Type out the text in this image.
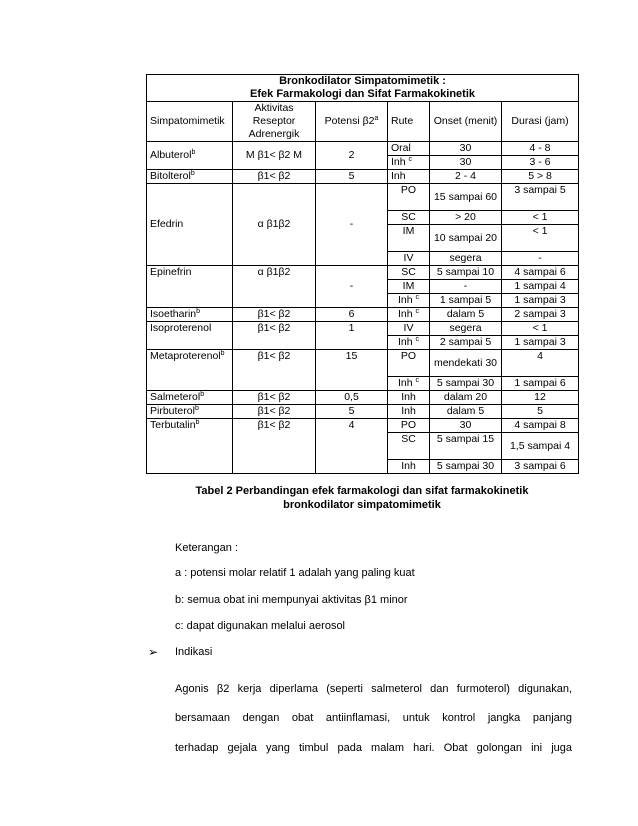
Bronkodilator Simpatomimetik :
Efek Farmakologi dan Sifat Farmakokinetik					

Simpatomimetik	Aktivitas Reseptor Adrenergik	Potensi β2$^a$	Rute	Onset (menit)	Durasi (jam)
Albuterol$^b$	M β1< β2 M	2	Oral	30	4 - 8
			Inh $^c$	30	3 - 6
Bitolterol$^b$	β1< β2	5	Inh	2 - 4	5 > 8
Efedrin	α β1β2	-	PO	15 sampai 60	3 sampai 5
			SC	> 20	< 1
			IM	10 sampai 20	< 1
			IV	segera	-
Epinefrin	α β1β2	-	SC	5 sampai 10	4 sampai 6
			IM	-	1 sampai 4
			Inh $^c$	1 sampai 5	1 sampai 3
Isoetharin$^b$	β1< β2	6	Inh $^c$	dalam 5	2 sampai 3
Isoproterenol	β1< β2	1	IV	segera	< 1
			Inh $^c$	2 sampai 5	1 sampai 3
Metaproterenol$^b$	β1< β2	15	PO	mendekati 30	4
			Inh $^c$	5 sampai 30	1 sampai 6
Salmeterol$^b$	β1< β2	0,5	Inh	dalam 20	12
Pirbuterol$^b$	β1< β2	5	Inh	dalam 5	5
Terbutalin$^b$	β1< β2	4	PO	30	4 sampai 8
			SC	5 sampai 15	1,5 sampai 4
			Inh	5 sampai 30	3 sampai 6
Tabel 2 Perbandingan efek farmakologi dan sifat farmakokinetik
bronkodilator simpatomimetik
Keterangan :
a : potensi molar relatif 1 adalah yang paling kuat
b: semua obat ini mempunyai aktivitas β1 minor
c: dapat digunakan melalui aerosol
➢ Indikasi
Agonis β2 kerja diperlama (seperti salmeterol dan furmoterol) digunakan,
bersamaan dengan obat antiinflamasi, untuk kontrol jangka panjang
terhadap gejala yang timbul pada malam hari. Obat golongan ini juga
